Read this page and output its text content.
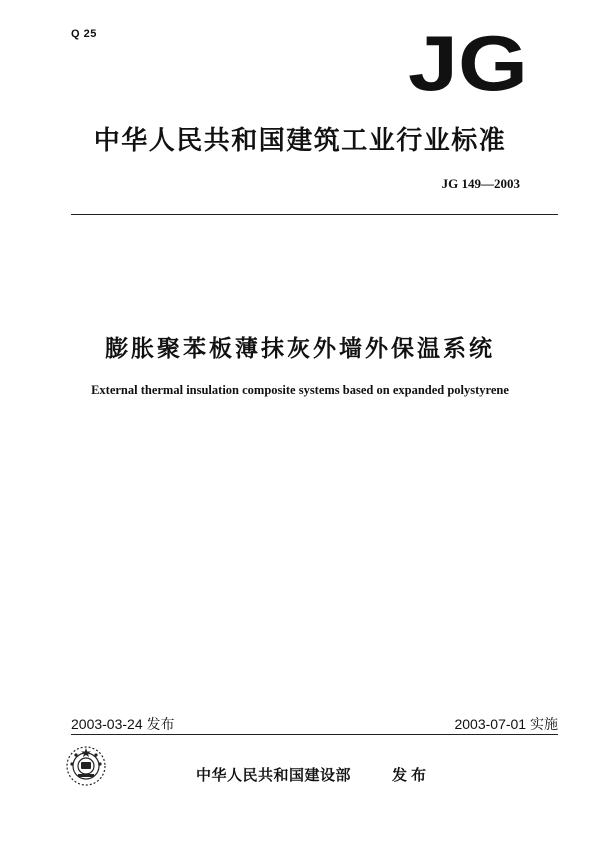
Q 25	JG
中华人民共和国建筑工业行业标准
JG 149—2003
膨胀聚苯板薄抹灰外墙外保温系统
External thermal insulation composite systems based on expanded polystyrene
2003-03-24 发布	2003-07-01 实施
中华人民共和国建设部	发布
